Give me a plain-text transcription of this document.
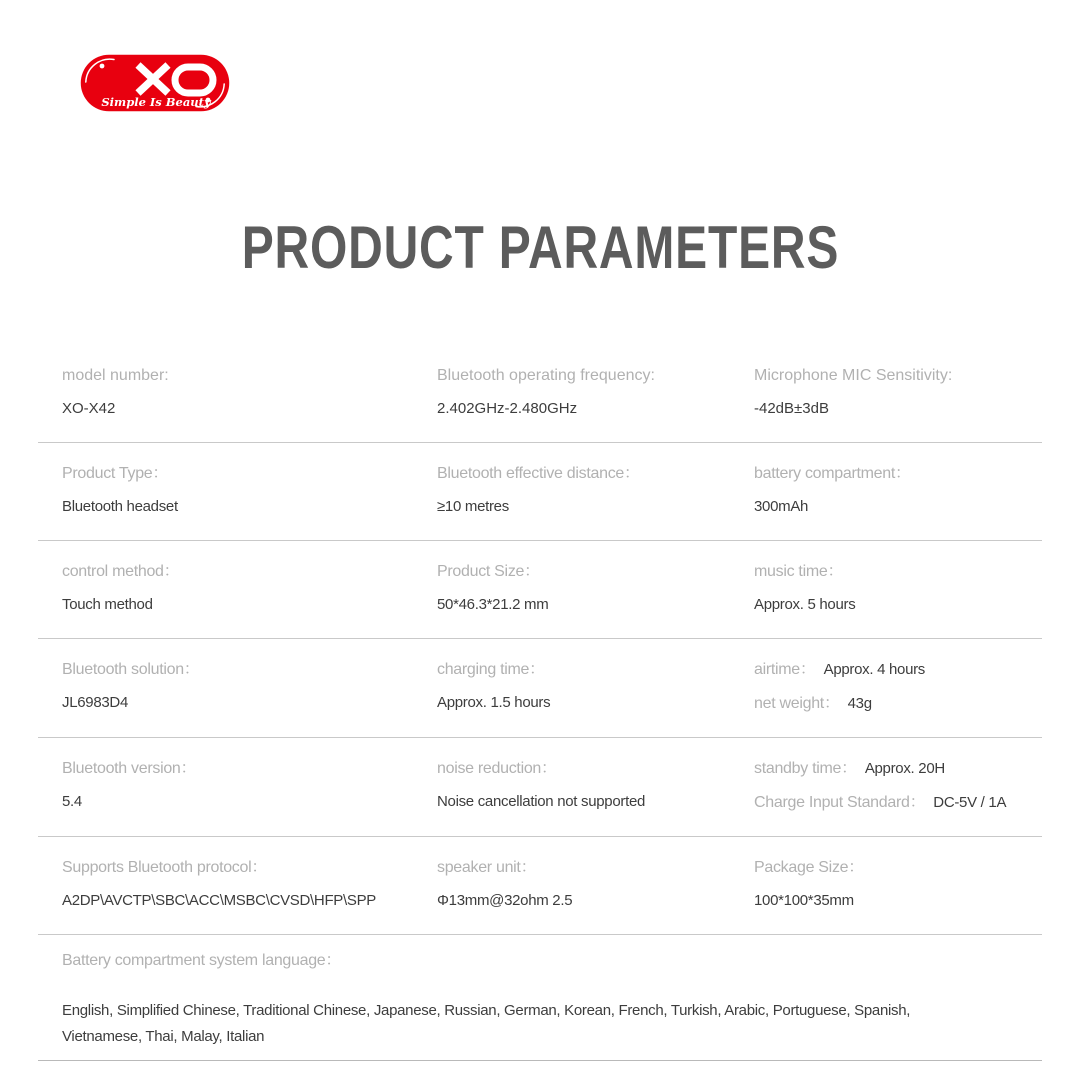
Simple Is Beauty
PRODUCT PARAMETERS
model number:
XO-X42
Bluetooth operating frequency:
2.402GHz-2.480GHz
Microphone MIC Sensitivity:
-42dB±3dB
Product Type：
Bluetooth headset
Bluetooth effective distance：
≥10 metres
battery compartment：
300mAh
control method：
Touch method
Product Size：
50*46.3*21.2 mm
music time：
Approx. 5 hours
Bluetooth solution：
JL6983D4
charging time：
Approx. 1.5 hours
airtime： Approx. 4 hours
net weight： 43g
Bluetooth version：
5.4
noise reduction：
Noise cancellation not supported
standby time： Approx. 20H
Charge Input Standard： DC-5V / 1A
Supports Bluetooth protocol：
A2DP\AVCTP\SBC\ACC\MSBC\CVSD\HFP\SPP
speaker unit：
Φ13mm@32ohm 2.5
Package Size：
100*100*35mm
Battery compartment system language：
English, Simplified Chinese, Traditional Chinese, Japanese, Russian, German, Korean, French, Turkish, Arabic, Portuguese, Spanish, Vietnamese, Thai, Malay, Italian
